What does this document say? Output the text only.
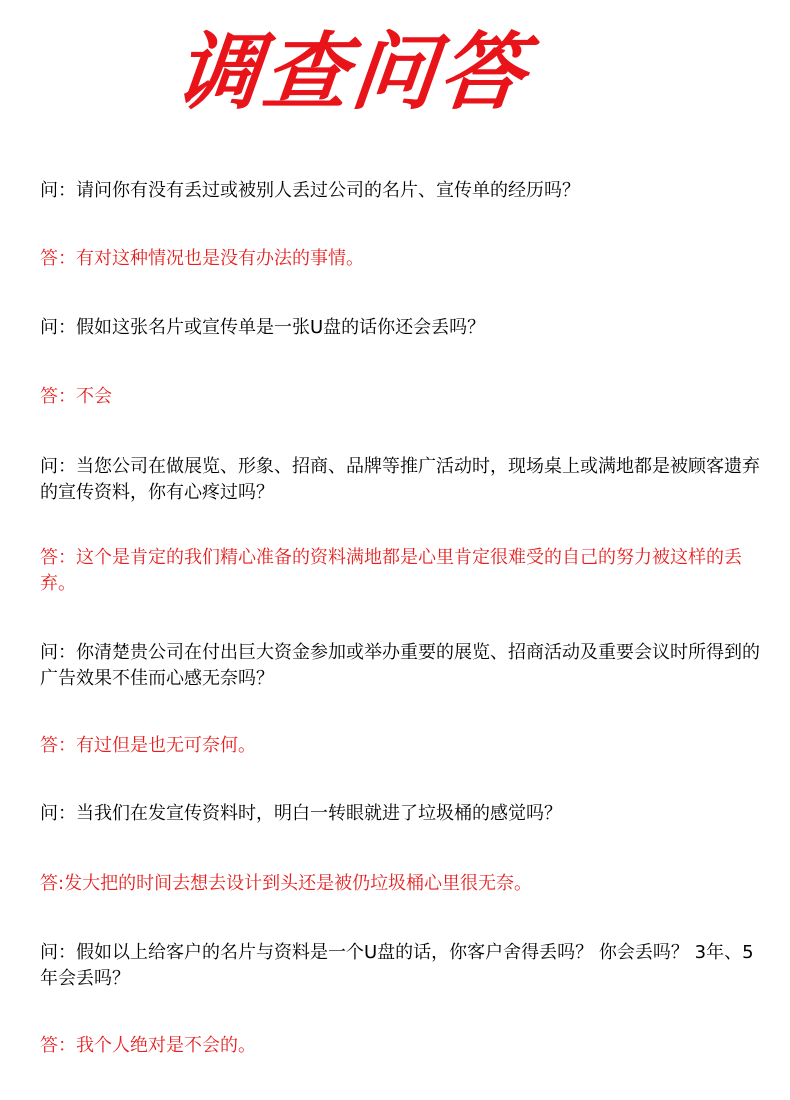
调查问答

问：请问你有没有丢过或被别人丢过公司的名片、宣传单的经历吗？

答：有对这种情况也是没有办法的事情。

问：假如这张名片或宣传单是一张U盘的话你还会丢吗？

答：不会

问：当您公司在做展览、形象、招商、品牌等推广活动时，现场桌上或满地都是被顾客遗弃的宣传资料，你有心疼过吗？

答：这个是肯定的我们精心准备的资料满地都是心里肯定很难受的自己的努力被这样的丢弃。

问：你清楚贵公司在付出巨大资金参加或举办重要的展览、招商活动及重要会议时所得到的广告效果不佳而心感无奈吗？

答：有过但是也无可奈何。

问：当我们在发宣传资料时，明白一转眼就进了垃圾桶的感觉吗？

答:发大把的时间去想去设计到头还是被仍垃圾桶心里很无奈。

问：假如以上给客户的名片与资料是一个U盘的话，你客户舍得丢吗？ 你会丢吗？ 3年、5年会丢吗？

答：我个人绝对是不会的。
